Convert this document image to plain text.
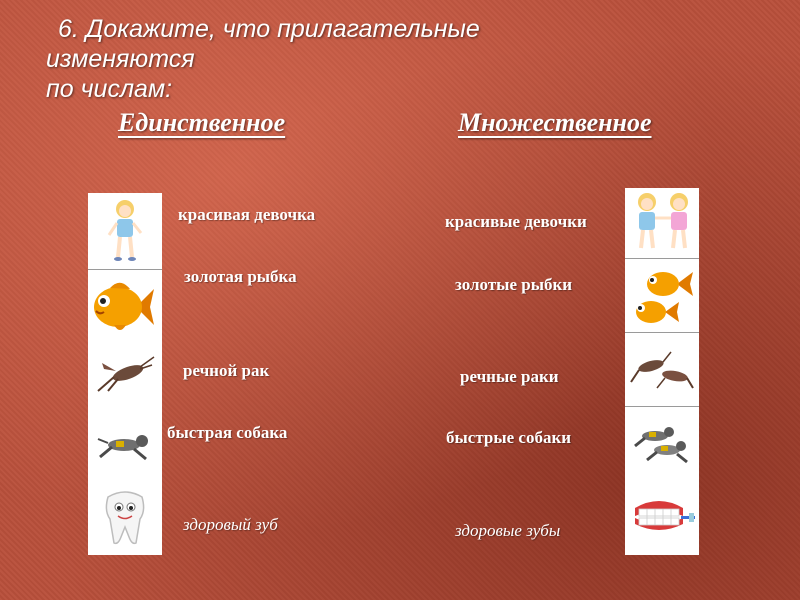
6. Докажите, что прилагательные
изменяются
по числам:
Единственное	Множественное

красивая девочка

золотая рыбка

речной рак

быстрая собака

здоровый зуб

красивые девочки

золотые рыбки

речные раки

быстрые собаки

здоровые зубы
